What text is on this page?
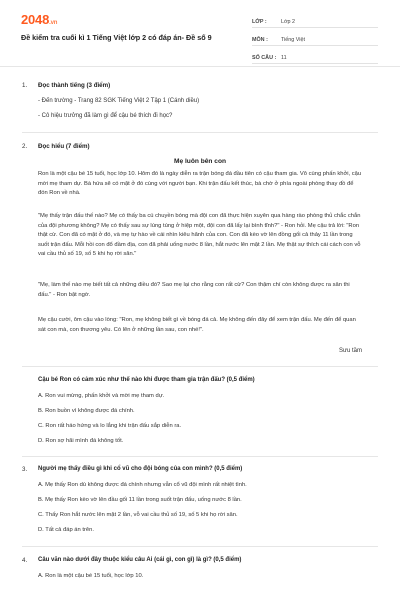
2048.vn
Đề kiểm tra cuối kì 1 Tiếng Việt lớp 2 có đáp án- Đề số 9
LỚP :	Lớp 2
MÔN :	Tiếng Việt
SỐ CÂU : 11
1. Đọc thành tiếng (3 điểm)
- Đến trường - Trang 82 SGK Tiếng Việt 2 Tập 1 (Cánh diều)
- Cô hiệu trưởng đã làm gì để cậu bé thích đi học?
2. Đọc hiểu (7 điểm)
Mẹ luôn bên con
Ron là một cậu bé 15 tuổi, học lớp 10. Hôm đó là ngày diễn ra trận bóng đá đầu tiên có cậu tham gia. Vô cùng phấn khởi, cậu mời mẹ tham dự. Bà hứa sẽ có mặt ở đó cùng với người bạn. Khi trận đấu kết thúc, bà chờ ở phía ngoài phòng thay đồ để đón Ron về nhà.
"Mẹ thấy trận đấu thế nào? Mẹ có thấy ba cú chuyền bóng mà đội con đã thực hiện xuyên qua hàng rào phòng thủ chắc chắn của đội phương không? Mẹ có thấy sau sự lúng túng ở hiệp một, đội con đã lấy lại bình tĩnh?" - Ron hỏi. Mẹ cậu trả lời: "Ron thật cừ. Con đã có mặt ở đó, và mẹ tự hào về cái nhìn kiêu hãnh của con. Con đã kèo vờ lên đồng gối cả thảy 11 lần trong suốt trận đấu. Mỗi hồi con đổ đầm địa, con đã phải uống nước 8 lần, hắt nước lên mặt 2 lần. Mẹ thật sự thích cái cách con vỗ vai cầu thủ số 19, số 5 khi họ rời sân."
"Mẹ, làm thế nào mẹ biết tất cả những điều đó? Sao mẹ lại cho rằng con rất cừ? Con thậm chí còn không được ra sân thi đấu." - Ron bật ngờ.
Mẹ cậu cười, ôm cậu vào lòng: "Ron, mẹ không biết gì về bóng đá cả. Mẹ không đến đây để xem trận đấu. Mẹ đến để quan sát con mà, con thương yêu. Có lẽn ở những lần sau, con nhé!".
Sưu tầm
Cậu bé Ron có cảm xúc như thế nào khi được tham gia trận đấu? (0,5 điểm)
A. Ron vui mừng, phấn khởi và mời mẹ tham dự.
B. Ron buồn vì không được đá chính.
C. Ron rất háo hứng và lo lắng khi trận đấu sắp diễn ra.
D. Ron sợ hãi mình đá không tốt.
3. Người mẹ thấy điều gì khi cổ vũ cho đội bóng của con mình? (0,5 điểm)
A. Mẹ thấy Ron dù không được đá chính nhưng vẫn cổ vũ đội mình rất nhiệt tình.
B. Mẹ thấy Ron kèo vờ lên đầu gối 11 lần trong suốt trận đấu, uống nước 8 lần.
C. Thấy Ron hắt nước lên mặt 2 lần, vỗ vai cầu thủ số 19, số 5 khi họ rời sân.
D. Tất cả đáp án trên.
4. Câu văn nào dưới đây thuộc kiểu câu Ai (cái gì, con gì) là gì? (0,5 điểm)
A. Ron là một cậu bé 15 tuổi, học lớp 10.
